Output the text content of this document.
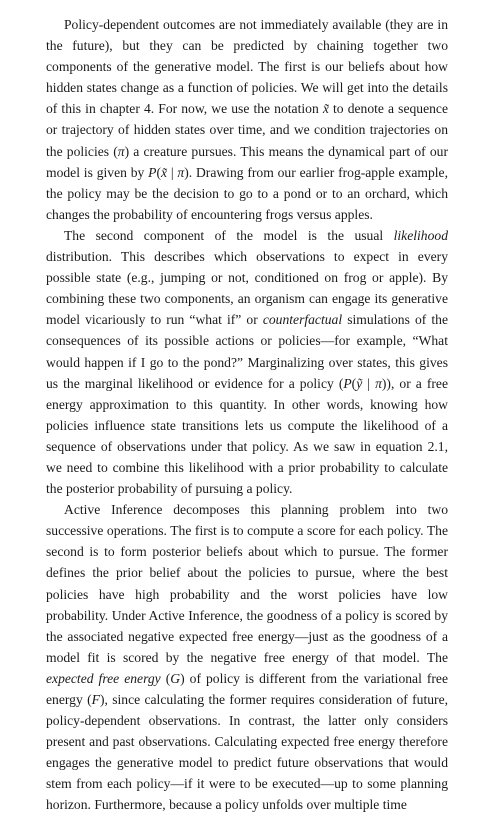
Policy-dependent outcomes are not immediately available (they are in the future), but they can be predicted by chaining together two components of the generative model. The first is our beliefs about how hidden states change as a function of policies. We will get into the details of this in chapter 4. For now, we use the notation x̃ to denote a sequence or trajectory of hidden states over time, and we condition trajectories on the policies (π) a creature pursues. This means the dynamical part of our model is given by P(x̃ | π). Drawing from our earlier frog-apple example, the policy may be the decision to go to a pond or to an orchard, which changes the probability of encountering frogs versus apples.

The second component of the model is the usual likelihood distribution. This describes which observations to expect in every possible state (e.g., jumping or not, conditioned on frog or apple). By combining these two components, an organism can engage its generative model vicariously to run “what if” or counterfactual simulations of the consequences of its possible actions or policies—for example, “What would happen if I go to the pond?” Marginalizing over states, this gives us the marginal likelihood or evidence for a policy (P(ỹ | π)), or a free energy approximation to this quantity. In other words, knowing how policies influence state transitions lets us compute the likelihood of a sequence of observations under that policy. As we saw in equation 2.1, we need to combine this likelihood with a prior probability to calculate the posterior probability of pursuing a policy.

Active Inference decomposes this planning problem into two successive operations. The first is to compute a score for each policy. The second is to form posterior beliefs about which to pursue. The former defines the prior belief about the policies to pursue, where the best policies have high probability and the worst policies have low probability. Under Active Inference, the goodness of a policy is scored by the associated negative expected free energy—just as the goodness of a model fit is scored by the negative free energy of that model. The expected free energy (G) of policy is different from the variational free energy (F), since calculating the former requires consideration of future, policy-dependent observations. In contrast, the latter only considers present and past observations. Calculating expected free energy therefore engages the generative model to predict future observations that would stem from each policy—if it were to be executed—up to some planning horizon. Furthermore, because a policy unfolds over multiple time
